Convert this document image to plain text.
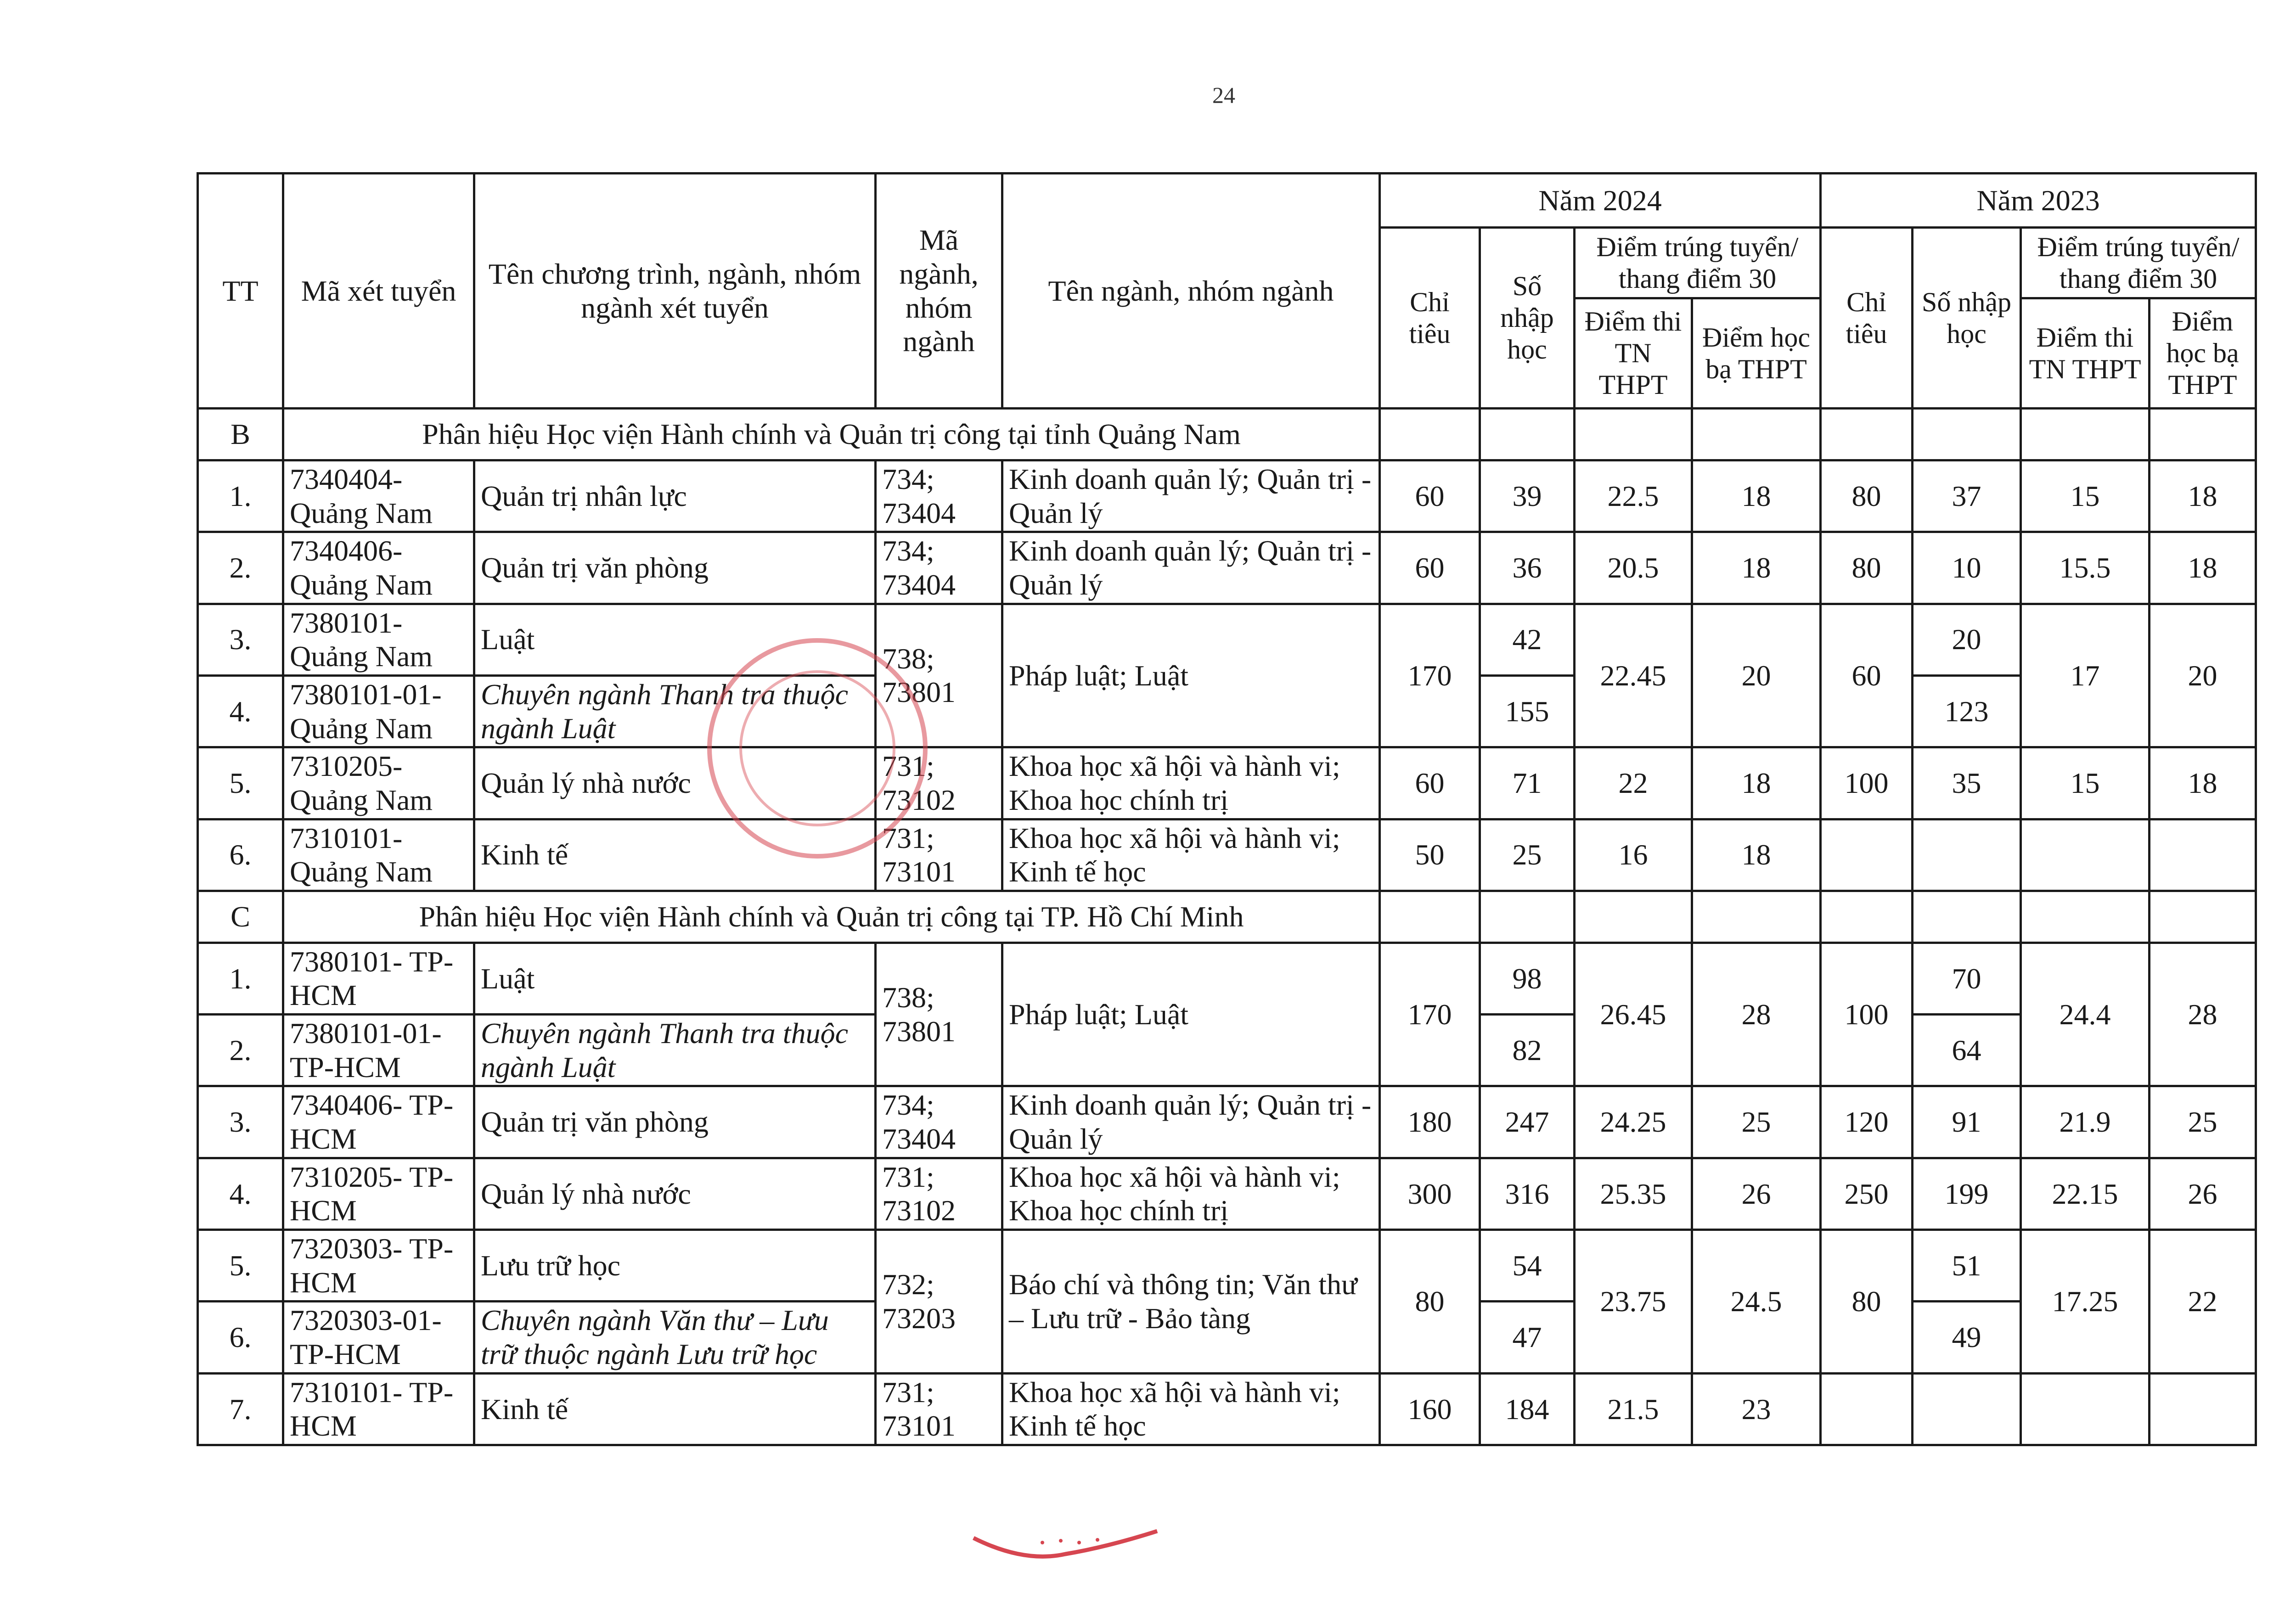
24
TT	Mã xét tuyển	Tên chương trình, ngành, nhóm ngành xét tuyển	Mã ngành, nhóm ngành	Tên ngành, nhóm ngành	Năm 2024				Năm 2023			
					Chỉ tiêu	Số nhập học	Điểm trúng tuyển/ thang điểm 30		Chỉ tiêu	Số nhập học	Điểm trúng tuyển/ thang điểm 30	
							Điểm thi TN THPT	Điểm học bạ THPT			Điểm thi TN THPT	Điểm học bạ THPT
B	Phân hiệu Học viện Hành chính và Quản trị công tại tỉnh Quảng Nam											
1.	7340404- Quảng Nam	Quản trị nhân lực	734; 73404	Kinh doanh quản lý; Quản trị - Quản lý	60	39	22.5	18	80	37	15	18
2.	7340406- Quảng Nam	Quản trị văn phòng	734; 73404	Kinh doanh quản lý; Quản trị - Quản lý	60	36	20.5	18	80	10	15.5	18
3.	7380101- Quảng Nam	Luật	738; 73801	Pháp luật; Luật	170	42	22.45	20	60	20	17	20
4.	7380101-01- Quảng Nam	Chuyên ngành Thanh tra thuộc ngành Luật				155				123		
5.	7310205- Quảng Nam	Quản lý nhà nước	731; 73102	Khoa học xã hội và hành vi; Khoa học chính trị	60	71	22	18	100	35	15	18
6.	7310101- Quảng Nam	Kinh tế	731; 73101	Khoa học xã hội và hành vi; Kinh tế học	50	25	16	18				
C	Phân hiệu Học viện Hành chính và Quản trị công tại TP. Hồ Chí Minh											
1.	7380101- TP-HCM	Luật	738; 73801	Pháp luật; Luật	170	98	26.45	28	100	70	24.4	28
2.	7380101-01- TP-HCM	Chuyên ngành Thanh tra thuộc ngành Luật				82				64		
3.	7340406- TP-HCM	Quản trị văn phòng	734; 73404	Kinh doanh quản lý; Quản trị - Quản lý	180	247	24.25	25	120	91	21.9	25
4.	7310205- TP-HCM	Quản lý nhà nước	731; 73102	Khoa học xã hội và hành vi; Khoa học chính trị	300	316	25.35	26	250	199	22.15	26
5.	7320303- TP-HCM	Lưu trữ học	732; 73203	Báo chí và thông tin; Văn thư – Lưu trữ - Bảo tàng	80	54	23.75	24.5	80	51	17.25	22
6.	7320303-01- TP-HCM	Chuyên ngành Văn thư – Lưu trữ thuộc ngành Lưu trữ học				47				49		
7.	7310101- TP-HCM	Kinh tế	731; 73101	Khoa học xã hội và hành vi; Kinh tế học	160	184	21.5	23				
